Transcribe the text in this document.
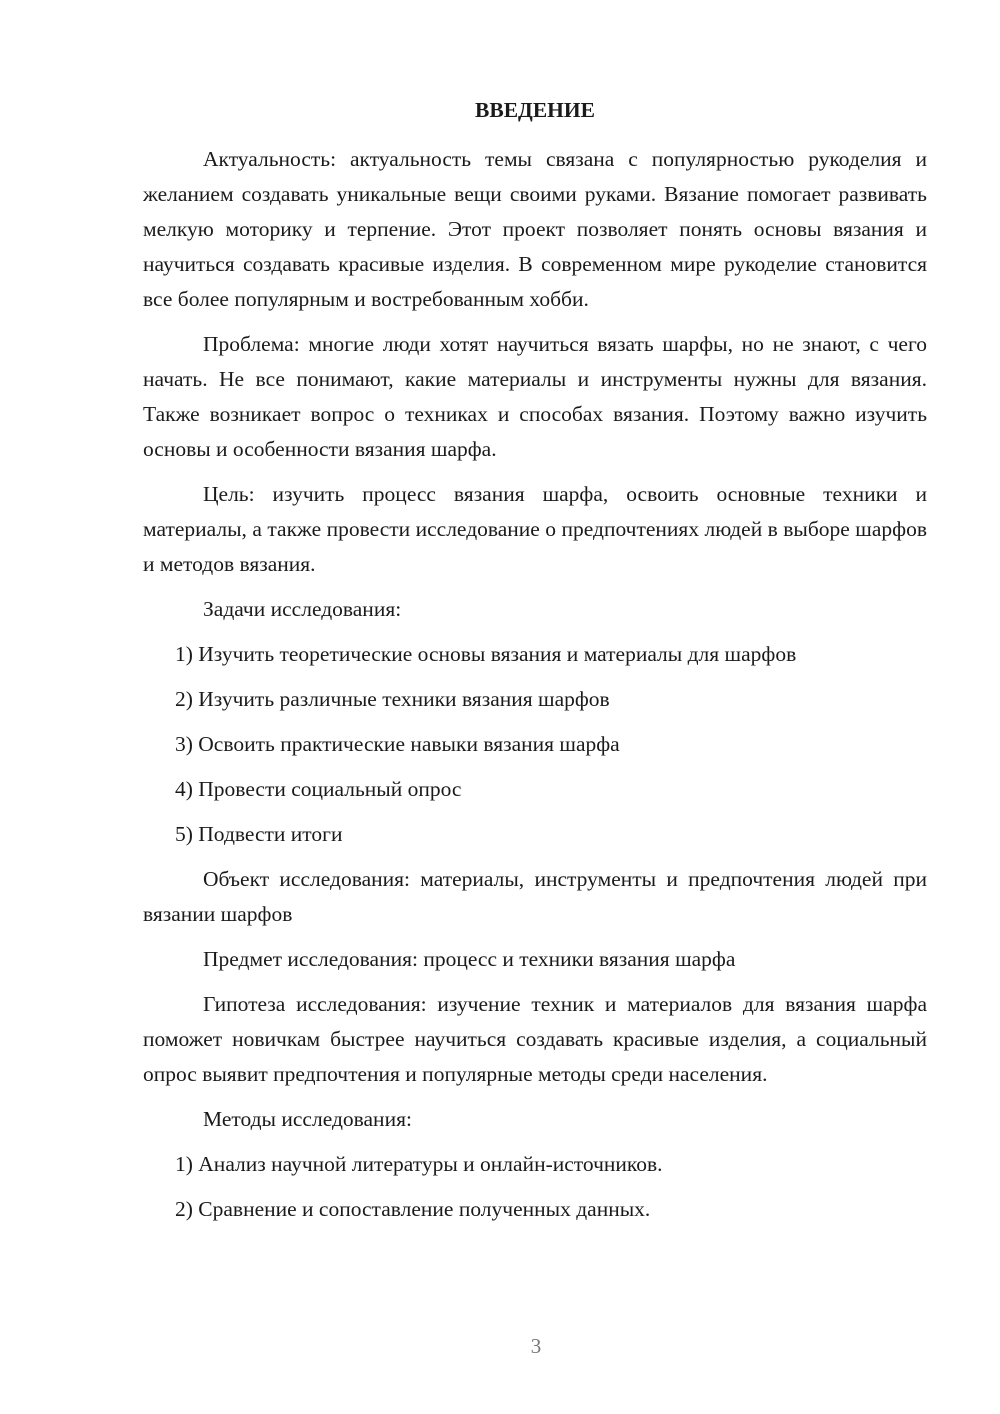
ВВЕДЕНИЕ

Актуальность: актуальность темы связана с популярностью рукоделия и желанием создавать уникальные вещи своими руками. Вязание помогает развивать мелкую моторику и терпение. Этот проект позволяет понять основы вязания и научиться создавать красивые изделия. В современном мире рукоделие становится все более популярным и востребованным хобби.

Проблема: многие люди хотят научиться вязать шарфы, но не знают, с чего начать. Не все понимают, какие материалы и инструменты нужны для вязания. Также возникает вопрос о техниках и способах вязания. Поэтому важно изучить основы и особенности вязания шарфа.

Цель: изучить процесс вязания шарфа, освоить основные техники и материалы, а также провести исследование о предпочтениях людей в выборе шарфов и методов вязания.

Задачи исследования:

1) Изучить теоретические основы вязания и материалы для шарфов

2) Изучить различные техники вязания шарфов

3) Освоить практические навыки вязания шарфа

4) Провести социальный опрос

5) Подвести итоги

Объект исследования: материалы, инструменты и предпочтения людей при вязании шарфов

Предмет исследования: процесс и техники вязания шарфа

Гипотеза исследования: изучение техник и материалов для вязания шарфа поможет новичкам быстрее научиться создавать красивые изделия, а социальный опрос выявит предпочтения и популярные методы среди населения.

Методы исследования:

1) Анализ научной литературы и онлайн-источников.

2) Сравнение и сопоставление полученных данных.

3
